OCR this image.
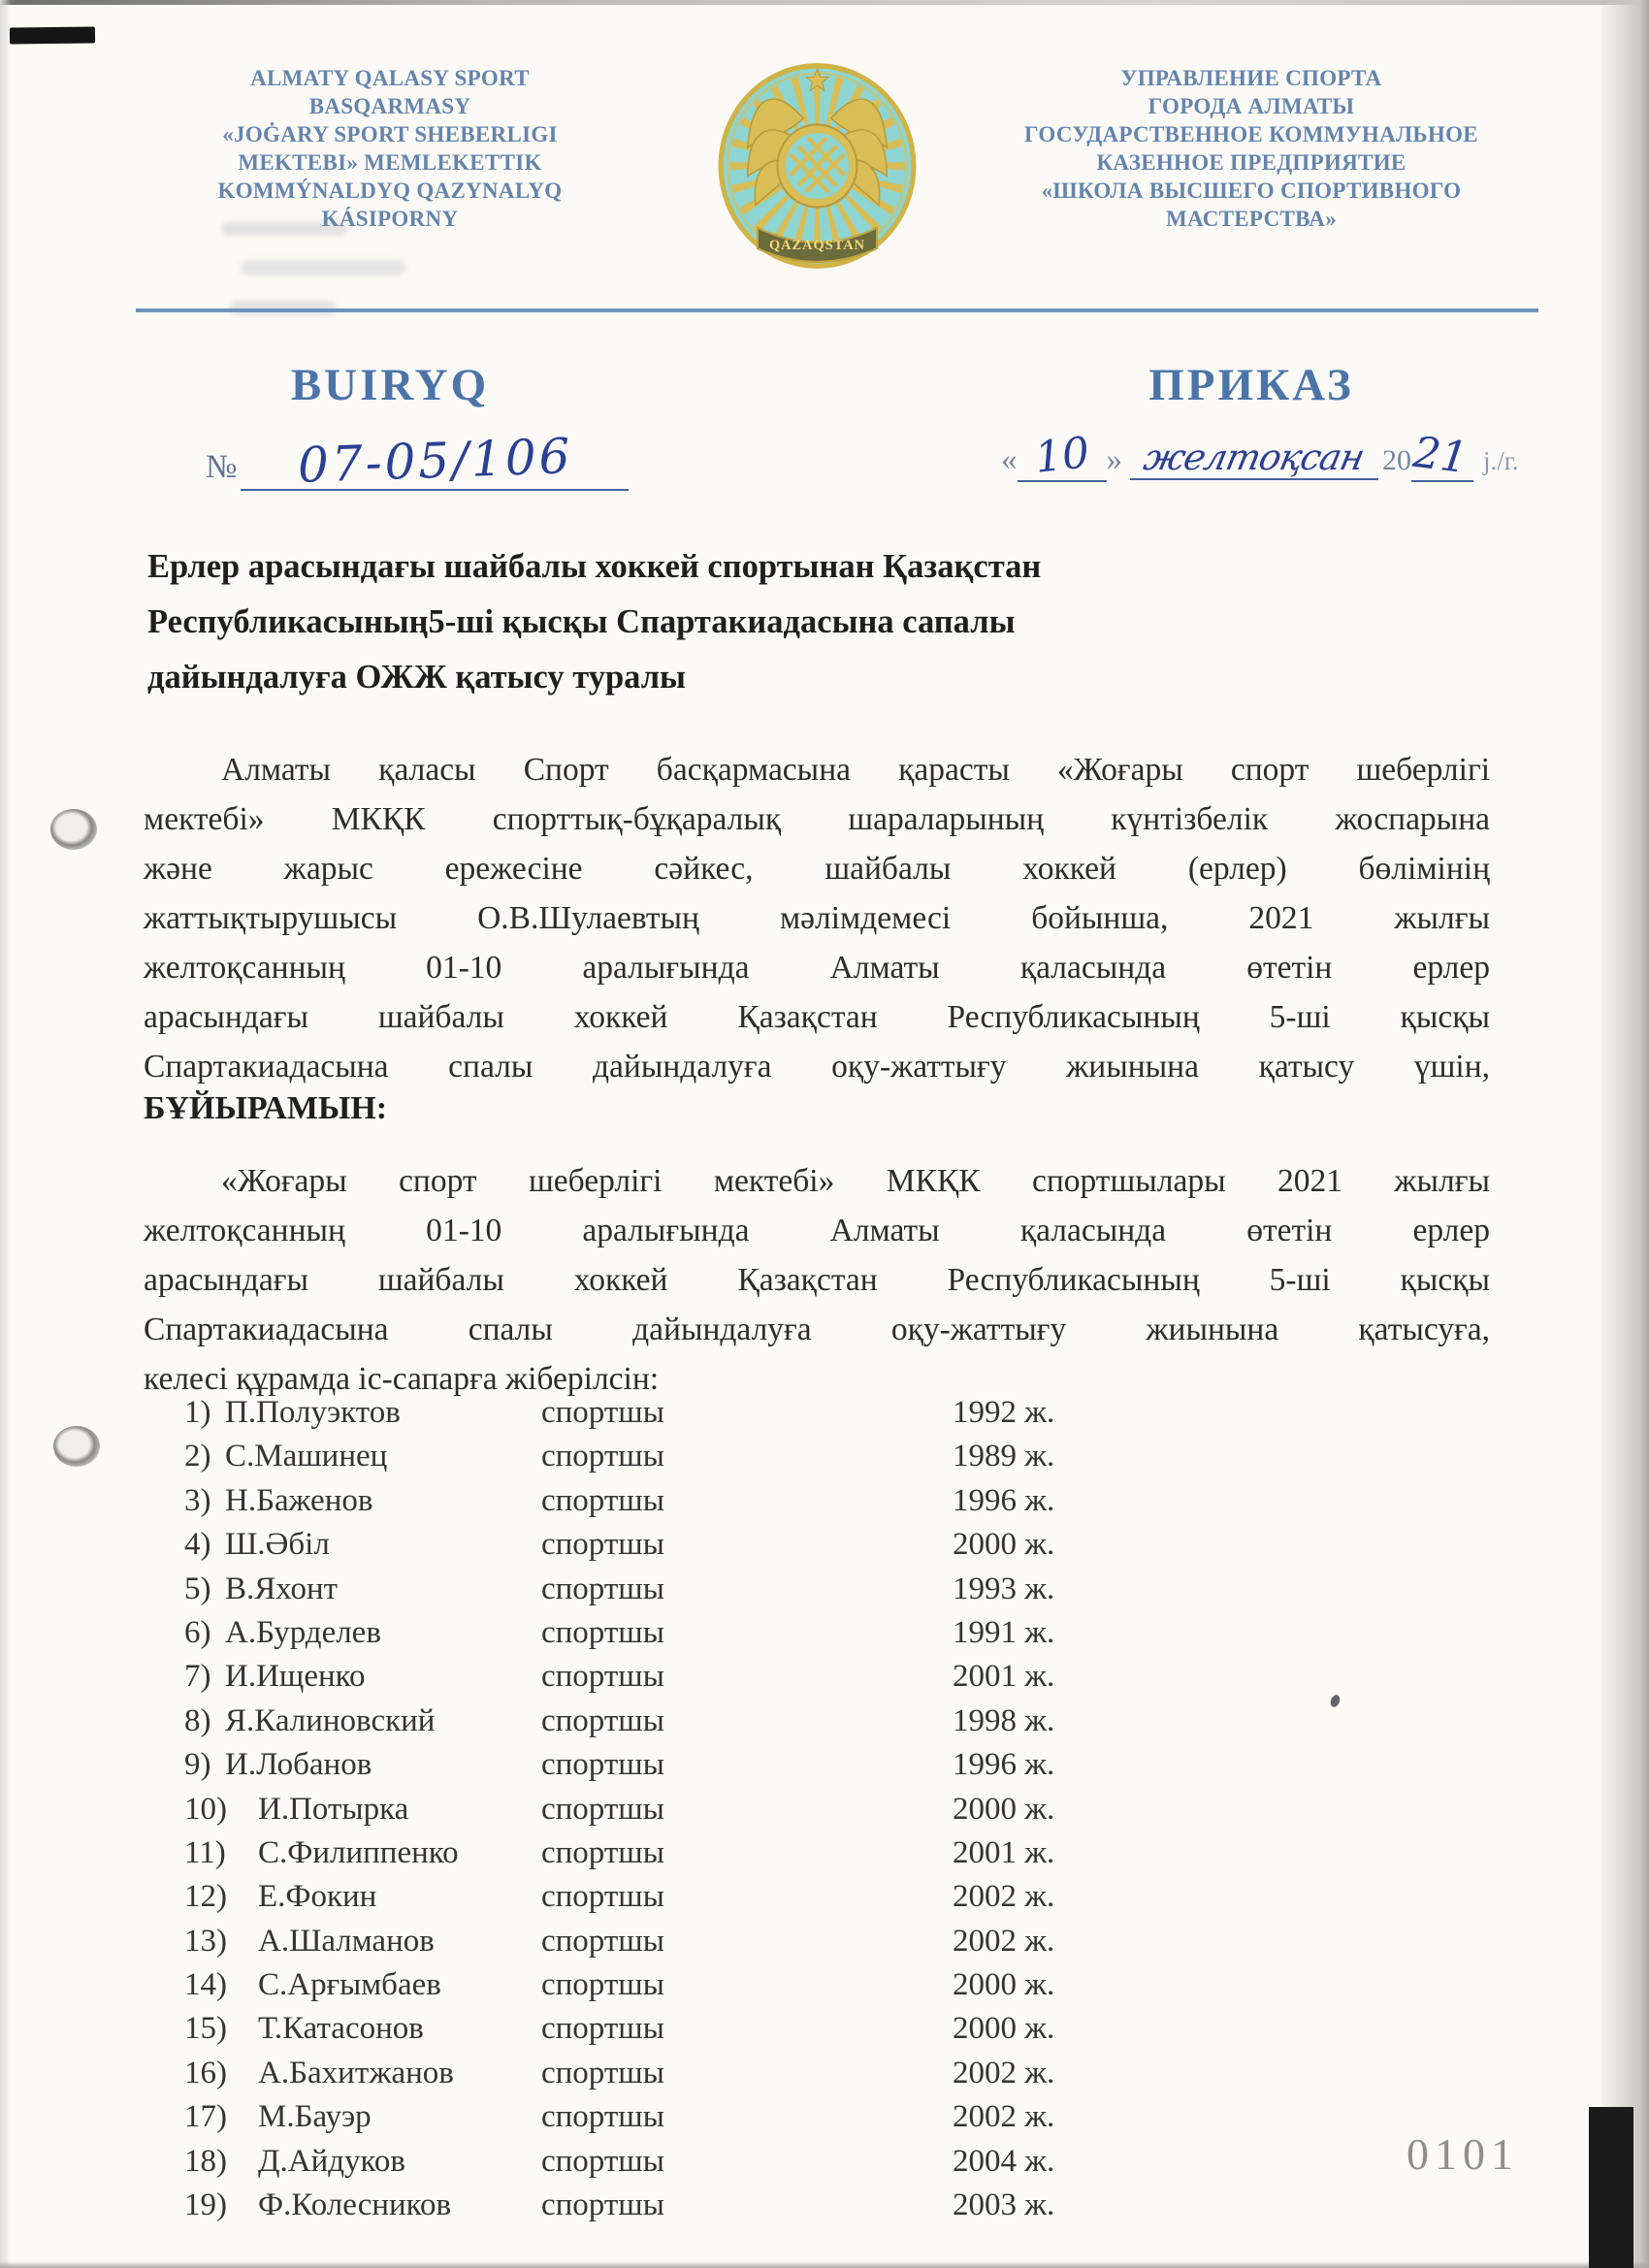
ALMATY QALASY SPORT
BASQARMASY
«JOĠARY SPORT SHEBERLIGI
MEKTEBI» MEMLEKETTIK
KOMMÝNALDYQ QAZYNALYQ
KÁSIPORNY
QAZAQSTAN
УПРАВЛЕНИЕ СПОРТА
ГОРОДА АЛМАТЫ
ГОСУДАРСТВЕННОЕ КОММУНАЛЬНОЕ
КАЗЕННОЕ ПРЕДПРИЯТИЕ
«ШКОЛА ВЫСШЕГО СПОРТИВНОГО
МАСТЕРСТВА»
BUIRYQ	ПРИКАЗ
№ 07-05/106	« 10 » желтоқсан 2021 j./г.
Ерлер арасындағы шайбалы хоккей спортынан Қазақстан
Республикасының5-ші қысқы Спартакиадасына сапалы
дайындалуға ОЖЖ қатысу туралы
Алматы қаласы Спорт басқармасына қарасты «Жоғары спорт шеберлігі
мектебі» МКҚК спорттық-бұқаралық шараларының күнтізбелік жоспарына
және жарыс ережесіне сәйкес, шайбалы хоккей (ерлер) бөлімінің
жаттықтырушысы О.В.Шулаевтың мәлімдемесі бойынша, 2021 жылғы
желтоқсанның 01-10 аралығында Алматы қаласында өтетін ерлер
арасындағы шайбалы хоккей Қазақстан Республикасының 5-ші қысқы
Спартакиадасына спалы дайындалуға оқу-жаттығу жиынына қатысу үшін,
БҰЙЫРАМЫН:
«Жоғары спорт шеберлігі мектебі» МКҚК спортшылары 2021 жылғы
желтоқсанның 01-10 аралығында Алматы қаласында өтетін ерлер
арасындағы шайбалы хоккей Қазақстан Республикасының 5-ші қысқы
Спартакиадасына спалы дайындалуға оқу-жаттығу жиынына қатысуға,
келесі құрамда іс-сапарға жіберілсін:
1) П.Полуэктов	спортшы	1992 ж.
2) С.Машинец	спортшы	1989 ж.
3) Н.Баженов	спортшы	1996 ж.
4) Ш.Әбіл	спортшы	2000 ж.
5) В.Яхонт	спортшы	1993 ж.
6) А.Бурделев	спортшы	1991 ж.
7) И.Ищенко	спортшы	2001 ж.
8) Я.Калиновский	спортшы	1998 ж.
9) И.Лобанов	спортшы	1996 ж.
10) И.Потырка	спортшы	2000 ж.
11) С.Филиппенко	спортшы	2001 ж.
12) Е.Фокин	спортшы	2002 ж.
13) А.Шалманов	спортшы	2002 ж.
14) С.Арғымбаев	спортшы	2000 ж.
15) Т.Катасонов	спортшы	2000 ж.
16) А.Бахитжанов	спортшы	2002 ж.
17) М.Бауэр	спортшы	2002 ж.
18) Д.Айдуков	спортшы	2004 ж.
19) Ф.Колесников	спортшы	2003 ж.
0101
